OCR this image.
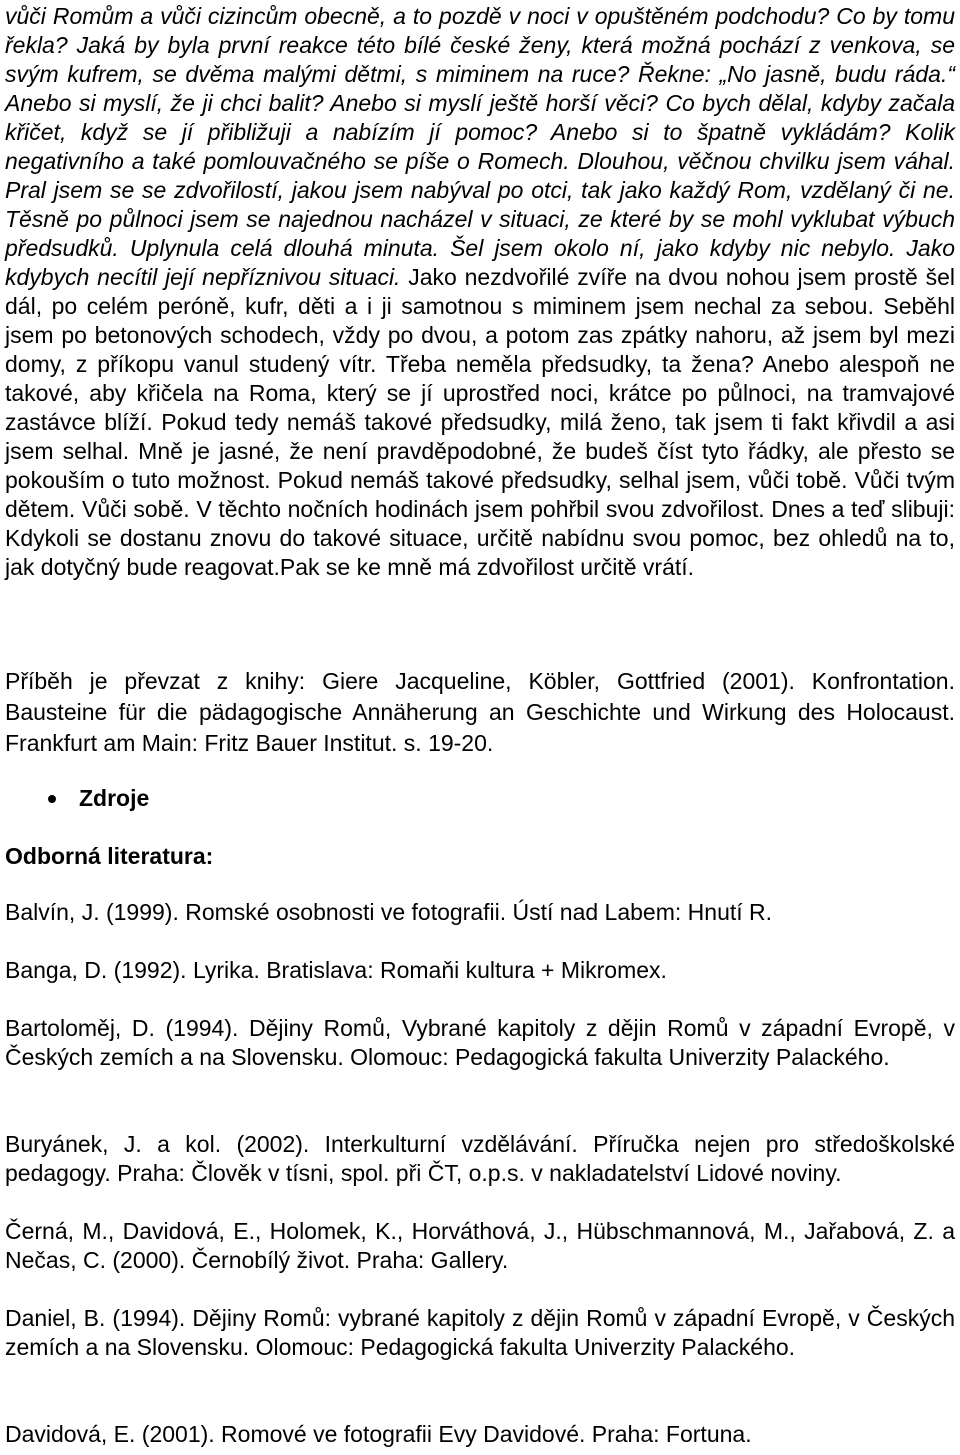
vůči Romům a vůči cizincům obecně, a to pozdě v noci v opuštěném podchodu? Co by tomu řekla? Jaká by byla první reakce této bílé české ženy, která možná pochází z venkova, se svým kufrem, se dvěma malými dětmi, s miminem na ruce? Řekne: „No jasně, budu ráda.“ Anebo si myslí, že ji chci balit? Anebo si myslí ještě horší věci? Co bych dělal, kdyby začala křičet, když se jí přibližuji a nabízím jí pomoc? Anebo si to špatně vykládám? Kolik negativního a také pomlouvačného se píše o Romech. Dlouhou, věčnou chvilku jsem váhal. Pral jsem se se zdvořilostí, jakou jsem nabýval po otci, tak jako každý Rom, vzdělaný či ne. Těsně po půlnoci jsem se najednou nacházel v situaci, ze které by se mohl vyklubat výbuch předsudků. Uplynula celá dlouhá minuta. Šel jsem okolo ní, jako kdyby nic nebylo. Jako kdybych necítil její nepříznivou situaci. Jako nezdvořilé zvíře na dvou nohou jsem prostě šel dál, po celém peróně, kufr, děti a i ji samotnou s miminem jsem nechal za sebou. Seběhl jsem po betonových schodech, vždy po dvou, a potom zas zpátky nahoru, až jsem byl mezi domy, z příkopu vanul studený vítr. Třeba neměla předsudky, ta žena? Anebo alespoň ne takové, aby křičela na Roma, který se jí uprostřed noci, krátce po půlnoci, na tramvajové zastávce blíží. Pokud tedy nemáš takové předsudky, milá ženo, tak jsem ti fakt křivdil a asi jsem selhal. Mně je jasné, že není pravděpodobné, že budeš číst tyto řádky, ale přesto se pokouším o tuto možnost. Pokud nemáš takové předsudky, selhal jsem, vůči tobě. Vůči tvým dětem. Vůči sobě. V těchto nočních hodinách jsem pohřbil svou zdvořilost. Dnes a teď slibuji: Kdykoli se dostanu znovu do takové situace, určitě nabídnu svou pomoc, bez ohledů na to, jak dotyčný bude reagovat.Pak se ke mně má zdvořilost určitě vrátí.

Příběh je převzat z knihy: Giere Jacqueline, Köbler, Gottfried (2001). Konfrontation. Bausteine für die pädagogische Annäherung an Geschichte und Wirkung des Holocaust. Frankfurt am Main: Fritz Bauer Institut. s. 19-20.

Zdroje
Odborná literatura:

Balvín, J. (1999). Romské osobnosti ve fotografii. Ústí nad Labem: Hnutí R.

Banga, D. (1992). Lyrika. Bratislava: Romaňi kultura + Mikromex.

Bartoloměj, D. (1994). Dějiny Romů, Vybrané kapitoly z dějin Romů v západní Evropě, v Českých zemích a na Slovensku. Olomouc: Pedagogická fakulta Univerzity Palackého.

Buryánek, J. a kol. (2002). Interkulturní vzdělávání. Příručka nejen pro středoškolské pedagogy. Praha: Člověk v tísni, spol. při ČT, o.p.s. v nakladatelství Lidové noviny.

Černá, M., Davidová, E., Holomek, K., Horváthová, J., Hübschmannová, M., Jařabová, Z. a Nečas, C. (2000). Černobílý život. Praha: Gallery.

Daniel, B. (1994). Dějiny Romů: vybrané kapitoly z dějin Romů v západní Evropě, v Českých zemích a na Slovensku. Olomouc: Pedagogická fakulta Univerzity Palackého.

Davidová, E. (2001). Romové ve fotografii Evy Davidové. Praha: Fortuna.
